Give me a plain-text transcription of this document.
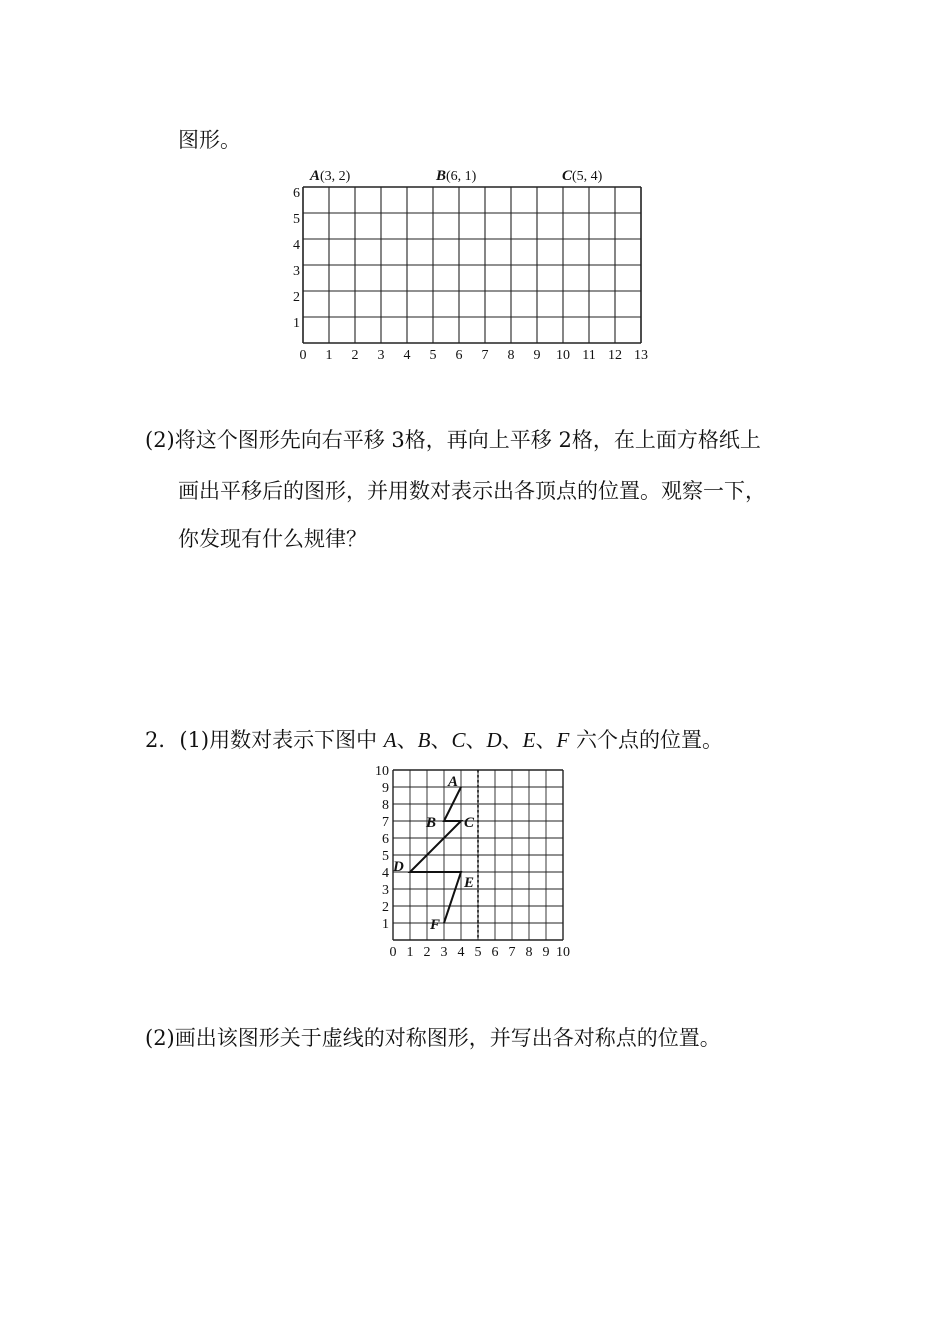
图形。
0 1 2 3 4 5 6 7 8 9 10 11 12 13
1
2
3
4
5
6
A(3, 2)	B(6, 1)	C(5, 4)
(2)将这个图形先向右平移 3格，再向上平移 2格，在上面方格纸上
画出平移后的图形，并用数对表示出各顶点的位置。观察一下，
你发现有什么规律？
2．(1)用数对表示下图中 A、B、C、D、E、F 六个点的位置。
0 1 2 3 4 5 6 7 8 9 10
1
2
3
4
5
6
7
8
9
10
A
B C
D
E
F
(2)画出该图形关于虚线的对称图形，并写出各对称点的位置。
